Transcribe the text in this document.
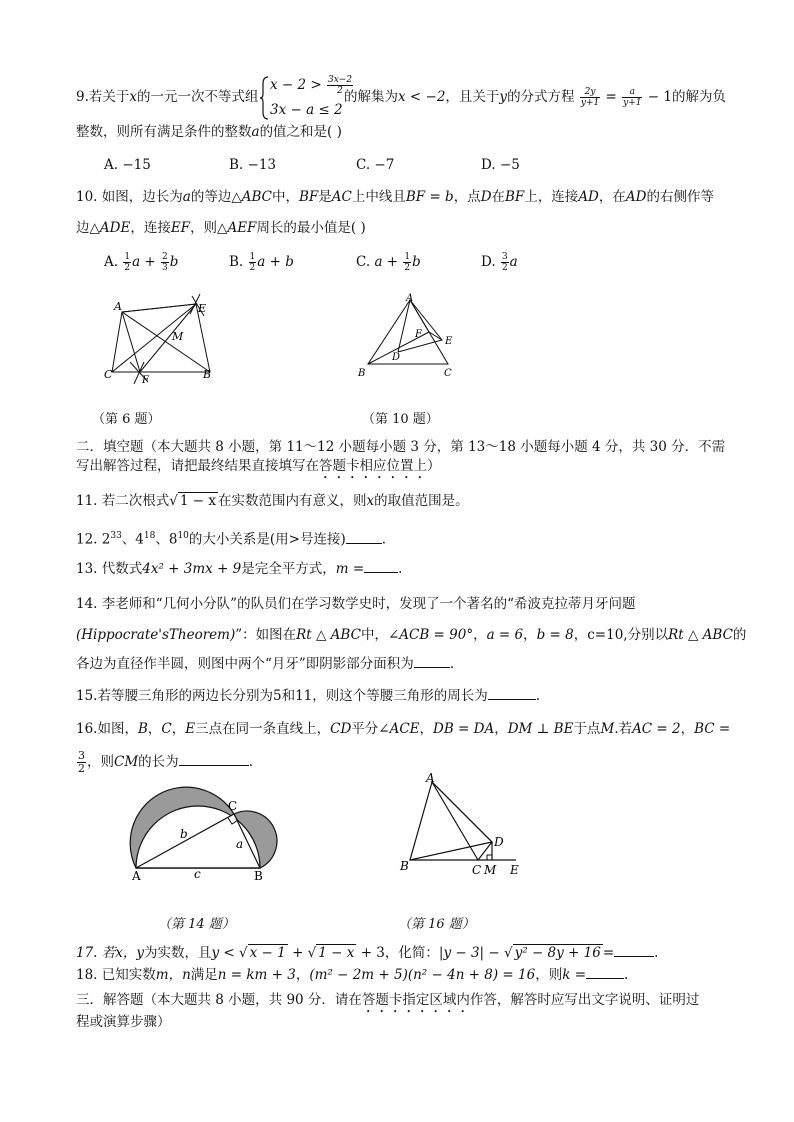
9.若关于x的一元一次不等式组
$x - 2 > \frac{3x-2}{2}$
3x − a ≤ 2
的解集为x < −2，且关于y的分式方程 $\frac{2y}{y+1} = \frac{a}{y+1} - 1$的解为负
整数，则所有满足条件的整数a的值之和是( )
A. −15	B. −13	C. −7	D. −5
10. 如图，边长为a的等边△ABC中，BF是AC上中线且BF = b，点D在BF上，连接AD，在AD的右侧作等
边△ADE，连接EF，则△AEF周长的最小值是( )
A. $\frac{1}{2}$ $a + \frac{2}{3}$ b	B. $\frac{1}{2}$ a + b	C. $a + \frac{1}{2}$ b	D. $\frac{3}{2}$ a
A	E
M
C	F	B
（第 6 题）
A
F
E
D
B	C
（第 10 题）
二．填空题（本大题共 8 小题，第 11～12 小题每小题 3 分，第 13～18 小题每小题 4 分，共 30 分．不需
写出解答过程，请把最终结果直接填写在答题卡相应位置上）
11. 若二次根式√ 1 − x 在实数范围内有意义，则x的取值范围是。
12. $2^{33}$、$4^{18}$、$8^{10}$的大小关系是(用>号连接)	.
13. 代数式4x² + 3mx + 9是完全平方式，m =	.
14. 李老师和“几何小分队”的队员们在学习数学史时，发现了一个著名的“希波克拉蒂月牙问题
(Hippocrate'sTheorem)”：如图在Rt △ ABC中，∠ACB = 90°，a = 6，b = 8，c=10,分别以Rt △ ABC的
各边为直径作半圆，则图中两个“月牙”即阴影部分面积为	.
15.若等腰三角形的两边长分别为5和11，则这个等腰三角形的周长为	.
16.如图，B，C，E三点在同一条直线上，CD平分∠ACE，DB = DA，DM ⊥ BE于点M.若AC = 2，BC =
$\frac{3}{2}$ ，则CM的长为	.
C
b
a
A	c	B
（第 14 题）
A
D
B	C M E
（第 16 题）
17. 若x，y为实数，且y < √ x − 1 + √ 1 − x + 3，化简：|y − 3| − √ y² − 8y + 16 =	.
18. 已知实数m，n满足n = km + 3，(m² − 2m + 5)(n² − 4n + 8) = 16，则k =	.
三．解答题（本大题共 8 小题，共 90 分．请在答题卡指定区域内作答，解答时应写出文字说明、证明过
程或演算步骤）
